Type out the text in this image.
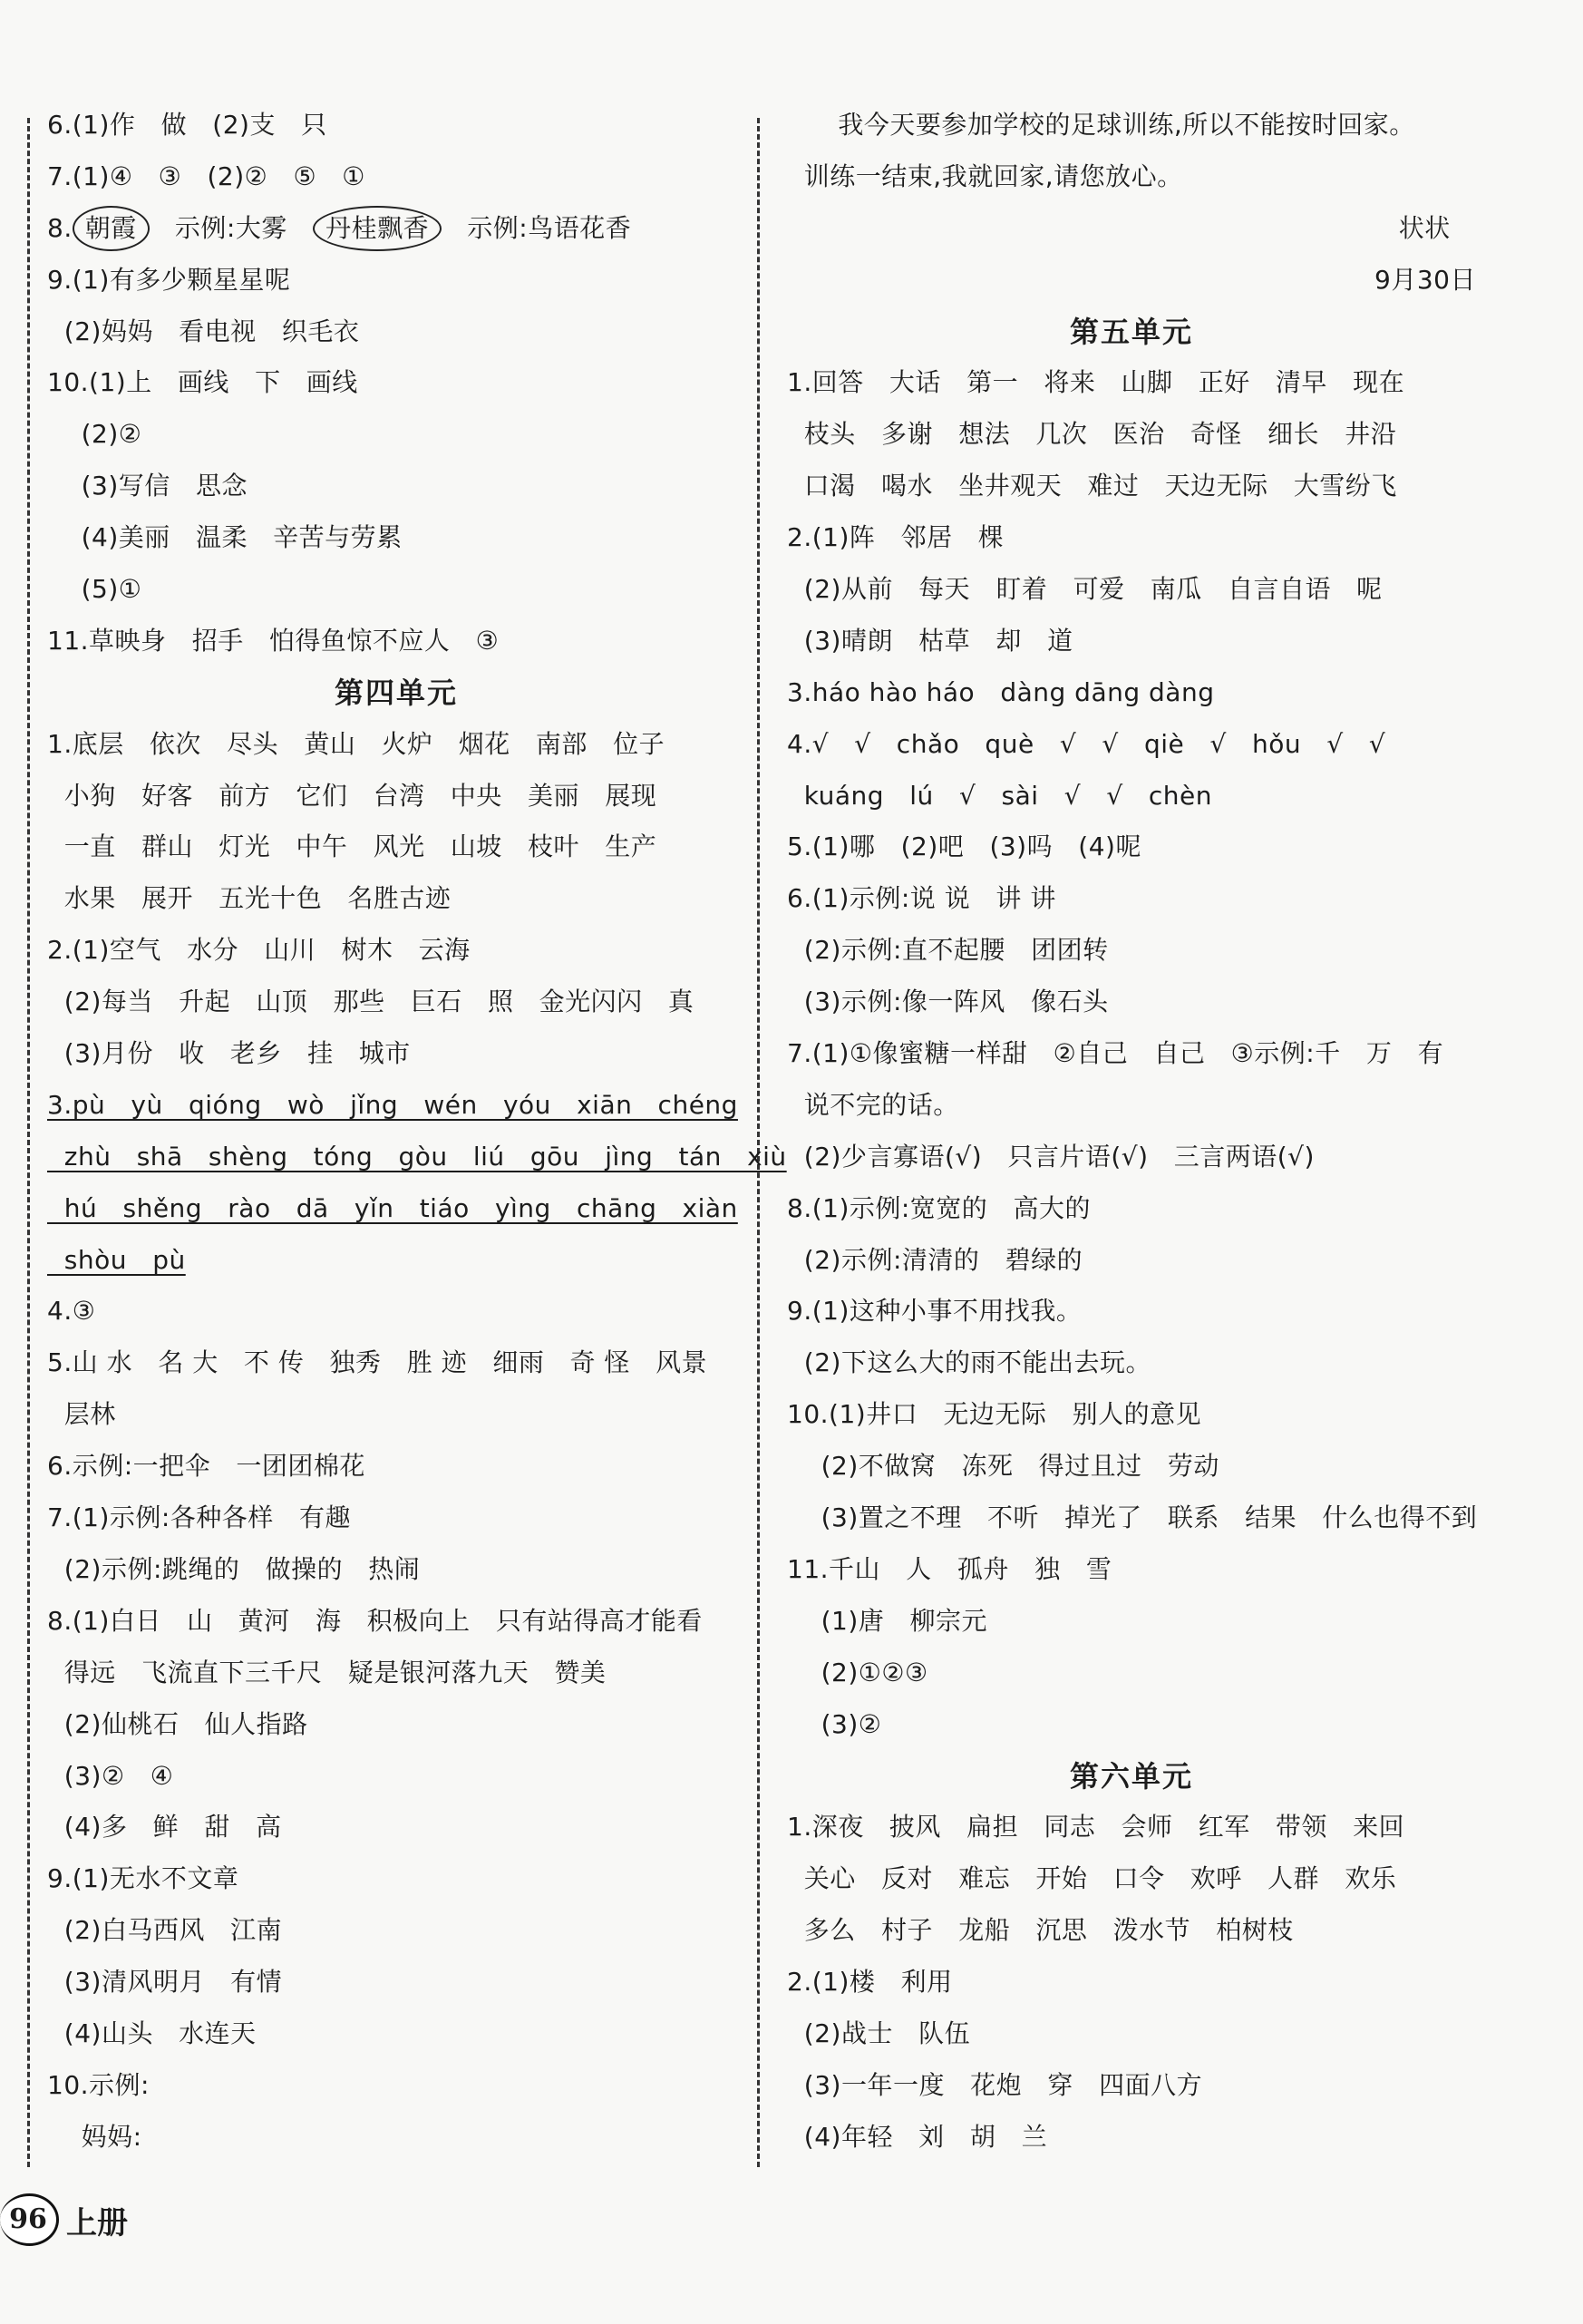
6.(1)作   做   (2)支   只
7.(1)④   ③   (2)②   ⑤   ①
8. 朝霞   示例:大雾   丹桂飘香   示例:鸟语花香
9.(1)有多少颗星星呢
(2)妈妈   看电视   织毛衣
10.(1)上   画线   下   画线
(2)②
(3)写信   思念
(4)美丽   温柔   辛苦与劳累
(5)①
11.草映身   招手   怕得鱼惊不应人   ③
第四单元
1.底层   依次   尽头   黄山   火炉   烟花   南部   位子
小狗   好客   前方   它们   台湾   中央   美丽   展现
一直   群山   灯光   中午   风光   山坡   枝叶   生产
水果   展开   五光十色   名胜古迹
2.(1)空气   水分   山川   树木   云海
(2)每当   升起   山顶   那些   巨石   照   金光闪闪   真
(3)月份   收   老乡   挂   城市
3.pù   yù   qióng   wò   jǐng   wén   yóu   xiān   chéng
zhù   shā   shèng   tóng   gòu   liú   gōu   jìng   tán   xiù
hú   shěng   rào   dā   yǐn   tiáo   yìng   chāng   xiàn
shòu   pù
4.③
5.山 水   名 大   不 传   独秀   胜 迹   细雨   奇 怪   风景
层林
6.示例:一把伞   一团团棉花
7.(1)示例:各种各样   有趣
(2)示例:跳绳的   做操的   热闹
8.(1)白日   山   黄河   海   积极向上   只有站得高才能看
得远   飞流直下三千尺   疑是银河落九天   赞美
(2)仙桃石   仙人指路
(3)②   ④
(4)多   鲜   甜   高
9.(1)无水不文章
(2)白马西风   江南
(3)清风明月   有情
(4)山头   水连天
10.示例:
妈妈:
我今天要参加学校的足球训练,所以不能按时回家。
训练一结束,我就回家,请您放心。
状状
9月30日
第五单元
1.回答   大话   第一   将来   山脚   正好   清早   现在
枝头   多谢   想法   几次   医治   奇怪   细长   井沿
口渴   喝水   坐井观天   难过   天边无际   大雪纷飞
2.(1)阵   邻居   棵
(2)从前   每天   盯着   可爱   南瓜   自言自语   呢
(3)晴朗   枯草   却   道
3.háo hào háo   dàng dāng dàng
4.√   √   chǎo   què   √   √   qiè   √   hǒu   √   √
kuáng   lú   √   sài   √   √   chèn
5.(1)哪   (2)吧   (3)吗   (4)呢
6.(1)示例:说 说   讲 讲
(2)示例:直不起腰   团团转
(3)示例:像一阵风   像石头
7.(1)①像蜜糖一样甜   ②自己   自己   ③示例:千   万   有
说不完的话。
(2)少言寡语(√)   只言片语(√)   三言两语(√)
8.(1)示例:宽宽的   高大的
(2)示例:清清的   碧绿的
9.(1)这种小事不用找我。
(2)下这么大的雨不能出去玩。
10.(1)井口   无边无际   别人的意见
(2)不做窝   冻死   得过且过   劳动
(3)置之不理   不听   掉光了   联系   结果   什么也得不到
11.千山   人   孤舟   独   雪
(1)唐   柳宗元
(2)①②③
(3)②
第六单元
1.深夜   披风   扁担   同志   会师   红军   带领   来回
关心   反对   难忘   开始   口令   欢呼   人群   欢乐
多么   村子   龙船   沉思   泼水节   柏树枝
2.(1)楼   利用
(2)战士   队伍
(3)一年一度   花炮   穿   四面八方
(4)年轻   刘   胡   兰
96 上册
